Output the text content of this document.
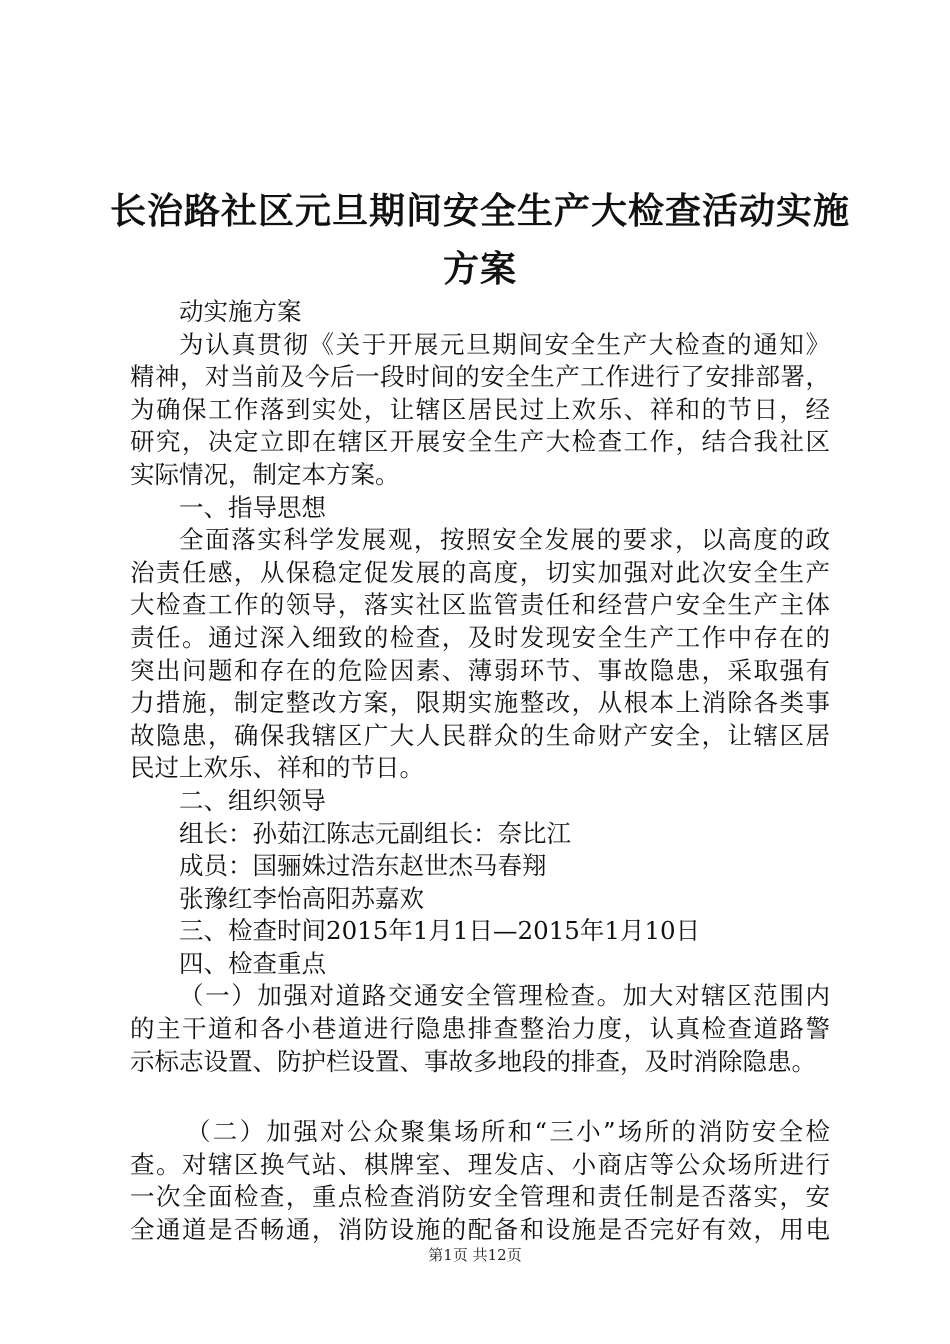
长治路社区元旦期间安全生产大检查活动实施
方案
动实施方案
为认真贯彻《关于开展元旦期间安全生产大检查的通知》
精神，对当前及今后一段时间的安全生产工作进行了安排部署，
为确保工作落到实处，让辖区居民过上欢乐、祥和的节日，经
研究，决定立即在辖区开展安全生产大检查工作，结合我社区
实际情况，制定本方案。
一、指导思想
全面落实科学发展观，按照安全发展的要求，以高度的政
治责任感，从保稳定促发展的高度，切实加强对此次安全生产
大检查工作的领导，落实社区监管责任和经营户安全生产主体
责任。通过深入细致的检查，及时发现安全生产工作中存在的
突出问题和存在的危险因素、薄弱环节、事故隐患，采取强有
力措施，制定整改方案，限期实施整改，从根本上消除各类事
故隐患，确保我辖区广大人民群众的生命财产安全，让辖区居
民过上欢乐、祥和的节日。
二、组织领导
组长：孙茹江陈志元副组长：奈比江
成员：国骊姝过浩东赵世杰马春翔
张豫红李怡高阳苏嘉欢
三、检查时间2015年1月1日—2015年1月10日
四、检查重点
（一）加强对道路交通安全管理检查。加大对辖区范围内
的主干道和各小巷道进行隐患排查整治力度，认真检查道路警
示标志设置、防护栏设置、事故多地段的排查，及时消除隐患。
（二）加强对公众聚集场所和“三小”场所的消防安全检
查。对辖区换气站、棋牌室、理发店、小商店等公众场所进行
一次全面检查，重点检查消防安全管理和责任制是否落实，安
全通道是否畅通，消防设施的配备和设施是否完好有效，用电
第1页 共12页
